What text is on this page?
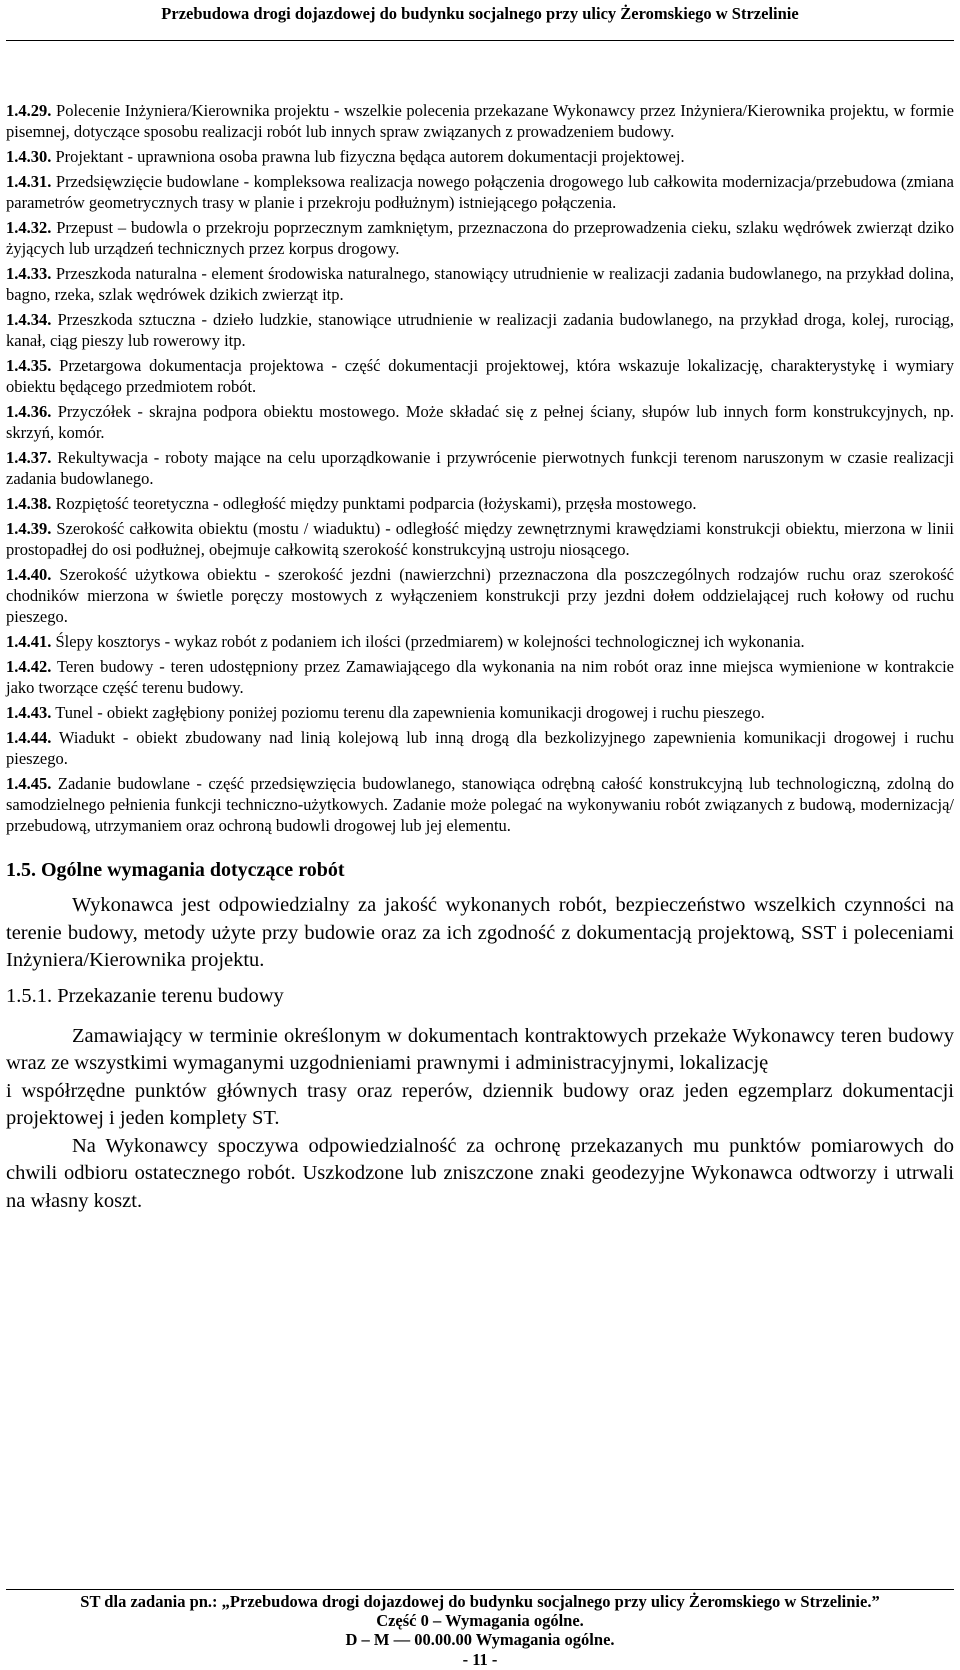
Przebudowa drogi dojazdowej do budynku socjalnego przy ulicy Żeromskiego w Strzelinie

1.4.29. Polecenie Inżyniera/Kierownika projektu - wszelkie polecenia przekazane Wykonawcy przez Inżyniera/Kierownika projektu, w formie pisemnej, dotyczące sposobu realizacji robót lub innych spraw związanych z prowadzeniem budowy.

1.4.30. Projektant - uprawniona osoba prawna lub fizyczna będąca autorem dokumentacji projektowej.

1.4.31. Przedsięwzięcie budowlane - kompleksowa realizacja nowego połączenia drogowego lub całkowita modernizacja/przebudowa (zmiana parametrów geometrycznych trasy w planie i przekroju podłużnym) istniejącego połączenia.

1.4.32. Przepust – budowla o przekroju poprzecznym zamkniętym, przeznaczona do przeprowadzenia cieku, szlaku wędrówek zwierząt dziko żyjących lub urządzeń technicznych przez korpus drogowy.

1.4.33. Przeszkoda naturalna - element środowiska naturalnego, stanowiący utrudnienie w realizacji zadania budowlanego, na przykład dolina, bagno, rzeka, szlak wędrówek dzikich zwierząt itp.

1.4.34. Przeszkoda sztuczna - dzieło ludzkie, stanowiące utrudnienie w realizacji zadania budowlanego, na przykład droga, kolej, rurociąg, kanał, ciąg pieszy lub rowerowy itp.

1.4.35. Przetargowa dokumentacja projektowa - część dokumentacji projektowej, która wskazuje lokalizację, charakterystykę i wymiary obiektu będącego przedmiotem robót.

1.4.36. Przyczółek - skrajna podpora obiektu mostowego. Może składać się z pełnej ściany, słupów lub innych form konstrukcyjnych, np. skrzyń, komór.

1.4.37. Rekultywacja - roboty mające na celu uporządkowanie i przywrócenie pierwotnych funkcji terenom naruszonym w czasie realizacji zadania budowlanego.

1.4.38. Rozpiętość teoretyczna - odległość między punktami podparcia (łożyskami), przęsła mostowego.

1.4.39. Szerokość całkowita obiektu (mostu / wiaduktu) - odległość między zewnętrznymi krawędziami konstrukcji obiektu, mierzona w linii prostopadłej do osi podłużnej, obejmuje całkowitą szerokość konstrukcyjną ustroju niosącego.

1.4.40. Szerokość użytkowa obiektu - szerokość jezdni (nawierzchni) przeznaczona dla poszczególnych rodzajów ruchu oraz szerokość chodników mierzona w świetle poręczy mostowych z wyłączeniem konstrukcji przy jezdni dołem oddzielającej ruch kołowy od ruchu pieszego.

1.4.41. Ślepy kosztorys - wykaz robót z podaniem ich ilości (przedmiarem) w kolejności technologicznej ich wykonania.

1.4.42. Teren budowy - teren udostępniony przez Zamawiającego dla wykonania na nim robót oraz inne miejsca wymienione w kontrakcie jako tworzące część terenu budowy.

1.4.43. Tunel - obiekt zagłębiony poniżej poziomu terenu dla zapewnienia komunikacji drogowej i ruchu pieszego.

1.4.44. Wiadukt - obiekt zbudowany nad linią kolejową lub inną drogą dla bezkolizyjnego zapewnienia komunikacji drogowej i ruchu pieszego.

1.4.45. Zadanie budowlane - część przedsięwzięcia budowlanego, stanowiąca odrębną całość konstrukcyjną lub technologiczną, zdolną do samodzielnego pełnienia funkcji techniczno-użytkowych. Zadanie może polegać na wykonywaniu robót związanych z budową, modernizacją/ przebudową, utrzymaniem oraz ochroną budowli drogowej lub jej elementu.

1.5. Ogólne wymagania dotyczące robót

Wykonawca jest odpowiedzialny za jakość wykonanych robót, bezpieczeństwo wszelkich czynności na terenie budowy, metody użyte przy budowie oraz za ich zgodność z dokumentacją projektową, SST i poleceniami Inżyniera/Kierownika projektu.

1.5.1. Przekazanie terenu budowy

Zamawiający w terminie określonym w dokumentach kontraktowych przekaże Wykonawcy teren budowy wraz ze wszystkimi wymaganymi uzgodnieniami prawnymi i administracyjnymi, lokalizację

i współrzędne punktów głównych trasy oraz reperów, dziennik budowy oraz jeden egzemplarz dokumentacji projektowej i jeden komplety ST.

Na Wykonawcy spoczywa odpowiedzialność za ochronę przekazanych mu punktów pomiarowych do chwili odbioru ostatecznego robót. Uszkodzone lub zniszczone znaki geodezyjne Wykonawca odtworzy i utrwali na własny koszt.

ST dla zadania pn.: „Przebudowa drogi dojazdowej do budynku socjalnego przy ulicy Żeromskiego w Strzelinie.”
Część 0 – Wymagania ogólne.
D – M — 00.00.00 Wymagania ogólne.
- 11 -
